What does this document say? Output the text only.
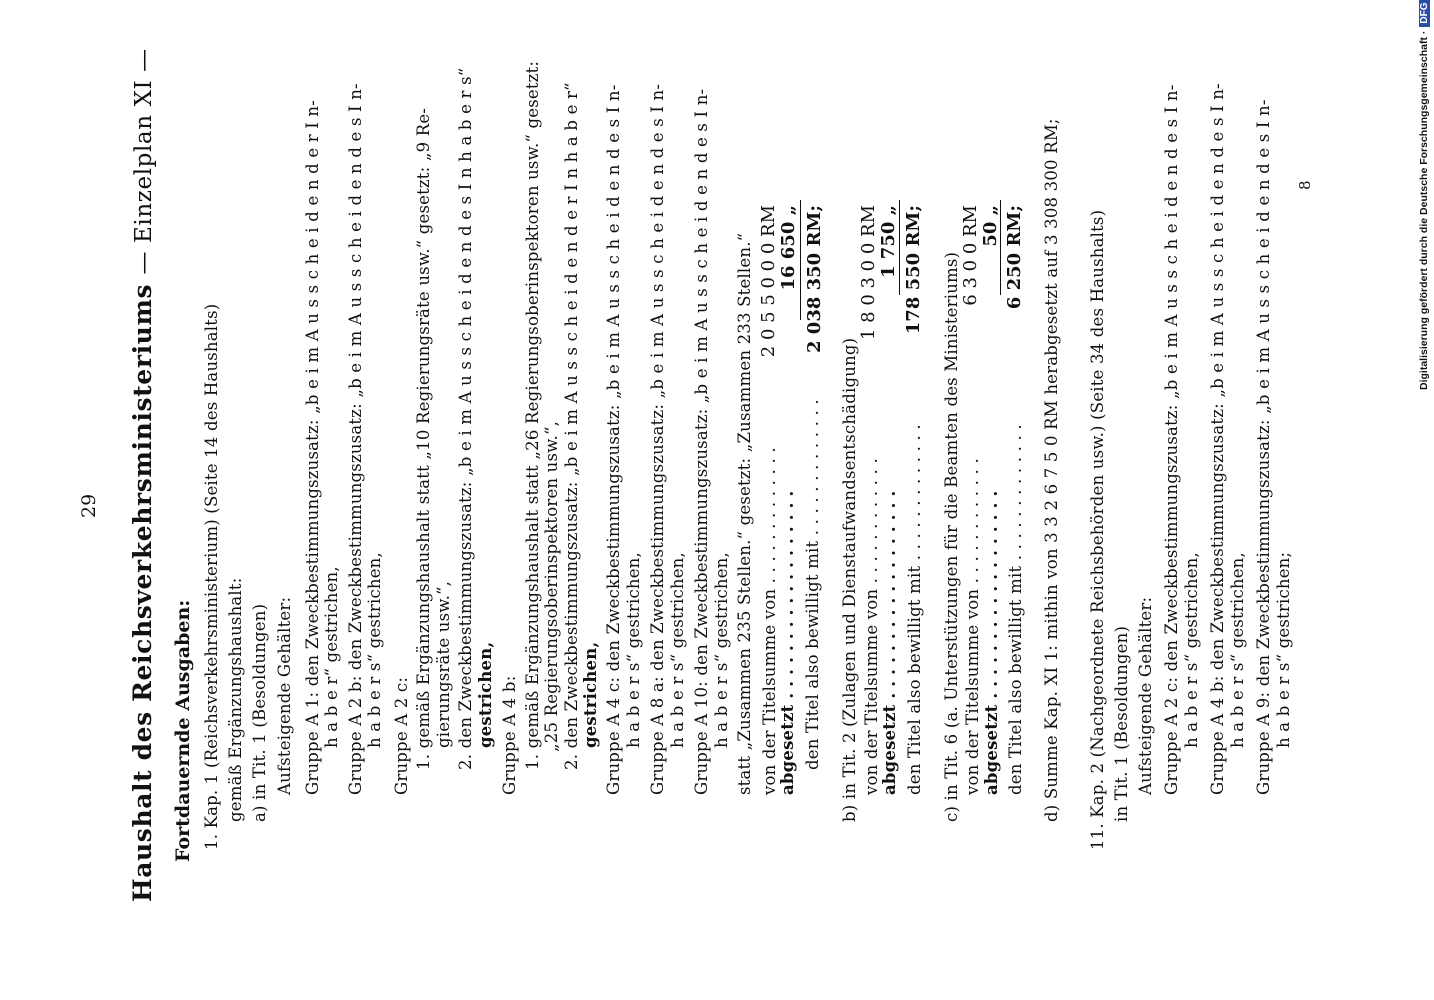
29 Haushalt des Reichsverkehrsministeriums — Einzelplan XI —
Fortdauernde Ausgaben: 1. Kap. 1 (Reichsverkehrsministerium) (Seite 14 des Haushalts) gemäß Ergänzungshaushalt: a) in Tit. 1 (Besoldungen) Aufsteigende Gehälter: Gruppe A 1: den Zweckbestimmungszusatz: „b e i m A u s s c h e i d e n d e r I n- h a b e r“ gestrichen, Gruppe A 2 b: den Zweckbestimmungszusatz: „b e i m A u s s c h e i d e n d e s I n- h a b e r s“ gestrichen, Gruppe A 2 c: 1. gemäß Ergänzungshaushalt statt „10 Regierungsräte usw.“ gesetzt: „9 Re- gierungsräte usw.“, 2. den Zweckbestimmungszusatz: „b e i m A u s s c h e i d e n d e s I n h a b e r s“ gestrichen, Gruppe A 4 b: 1. gemäß Ergänzungshaushalt statt „26 Regierungsoberinspektoren usw.“ gesetzt: „25 Regierungsoberinspektoren usw.“, 2. den Zweckbestimmungszusatz: „b e i m A u s s c h e i d e n d e r I n h a b e r“ gestrichen, Gruppe A 4 c: den Zweckbestimmungszusatz: „b e i m A u s s c h e i d e n d e s I n- h a b e r s“ gestrichen, Gruppe A 8 a: den Zweckbestimmungszusatz: „b e i m A u s s c h e i d e n d e s I n- h a b e r s“ gestrichen, Gruppe A 10: den Zweckbestimmungszusatz: „b e i m A u s s c h e i d e n d e s I n- h a b e r s“ gestrichen, statt „Zusammen 235 Stellen.“ gesetzt: „Zusammen 233 Stellen.“ von der Titelsumme von . . . . . . . . . . . . . abgesetzt . . . . . . . . . . . . . . . . . . den Titel also bewilligt mit . . . . . . . . . . . . .
2 0 5 5 0 0 0 RM 16 650 „ 2 038 350 RM;
b) in Tit. 2 (Zulagen und Dienstaufwandsentschädigung) von der Titelsumme von . . . . . . . . . . . . abgesetzt . . . . . . . . . . . . . . . . . . den Titel also bewilligt mit . . . . . . . . . . . . .
1 8 0 3 0 0 RM 1 750 „ 178 550 RM; c) in Tit. 6 (a. Unterstützungen für die Beamten des Ministeriums) von der Titelsumme von . . . . . . . . . . . . abgesetzt . . . . . . . . . . . . . . . . . . den Titel also bewilligt mit . . . . . . . . . . . . .
6 3 0 0 RM 50 „ 6 250 RM; d) Summe Kap. XI 1: mithin von 3 3 2 6 7 5 0 RM herabgesetzt auf 3 308 300 RM; 11. Kap. 2 (Nachgeordnete Reichsbehörden usw.) (Seite 34 des Haushalts) in Tit. 1 (Besoldungen) Aufsteigende Gehälter: Gruppe A 2 c: den Zweckbestimmungszusatz: „b e i m A u s s c h e i d e n d e s I n- h a b e r s“ gestrichen, Gruppe A 4 b: den Zweckbestimmungszusatz: „b e i m A u s s c h e i d e n d e s I n- h a b e r s“ gestrichen, Gruppe A 9: den Zweckbestimmungszusatz: „b e i m A u s s c h e i d e n d e s I n- h a b e r s“ gestrichen;
8	Digitalisierung gefördert durch die Deutsche Forschungsgemeinschaft ·DFG
